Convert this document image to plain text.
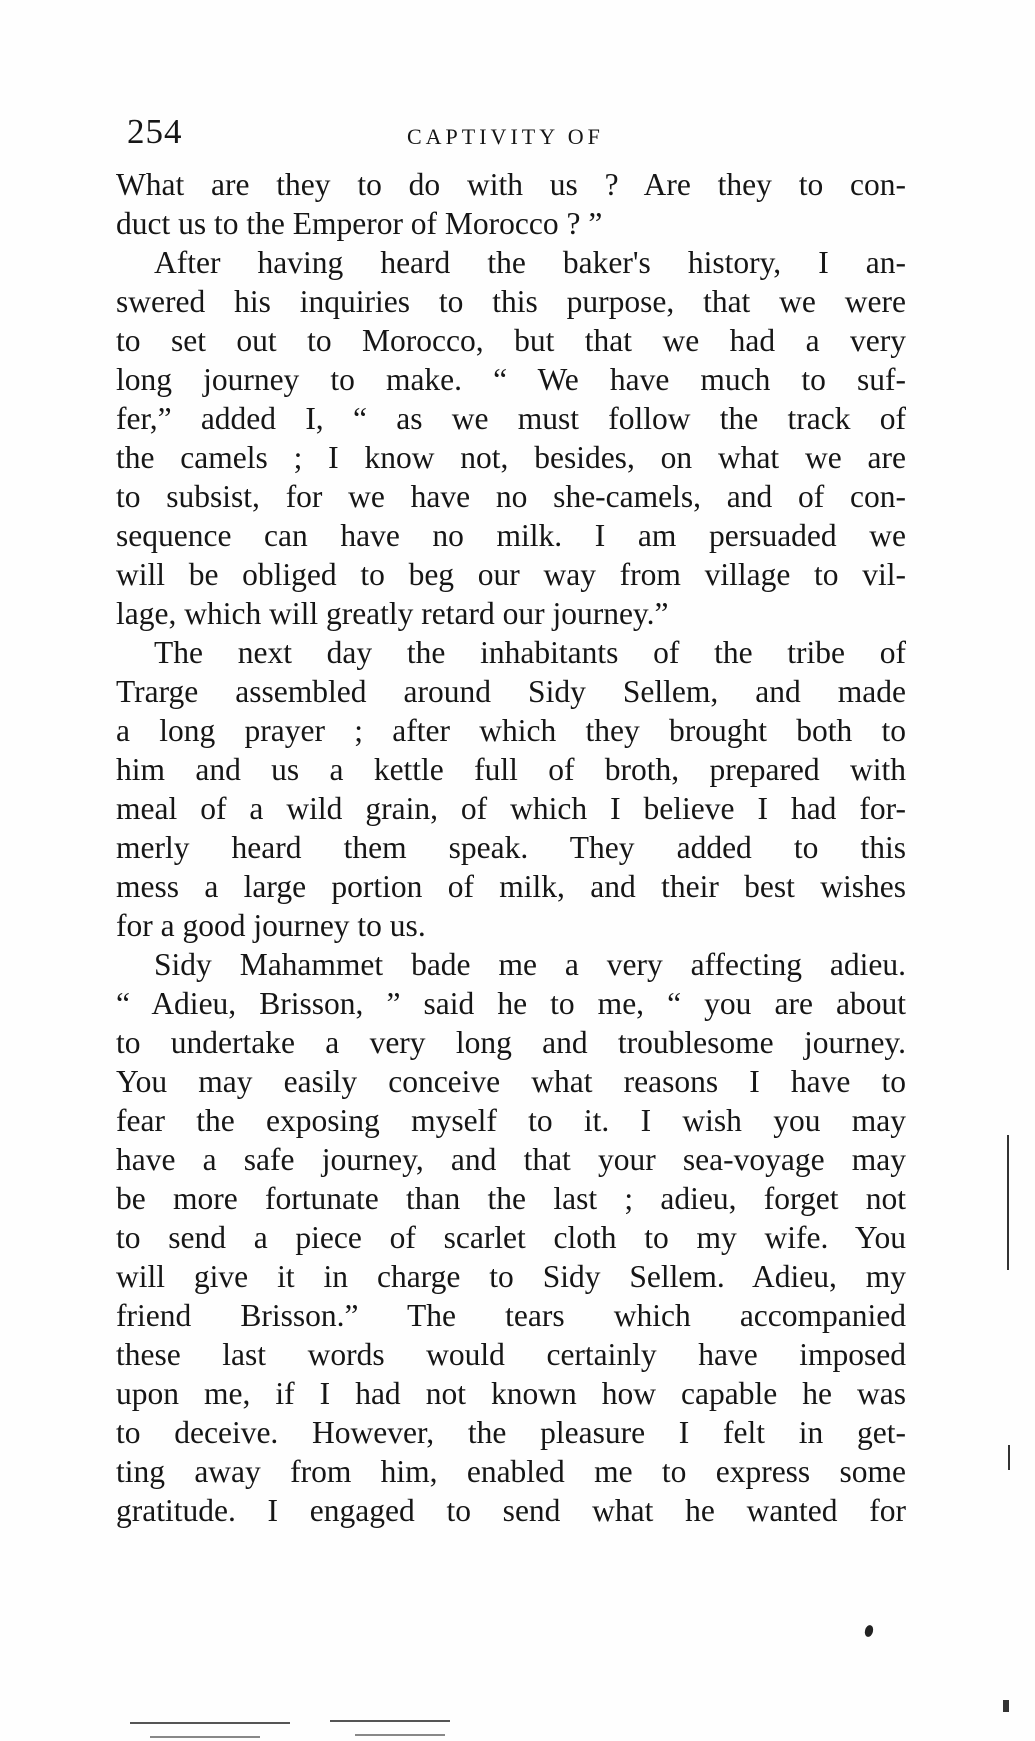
254	CAPTIVITY OF
What are they to do with us ? Are they to con-
duct us to the Emperor of Morocco ? ”
After having heard the baker's history, I an-
swered his inquiries to this purpose, that we were
to set out to Morocco, but that we had a very
long journey to make. “ We have much to suf-
fer,” added I, “ as we must follow the track of
the camels ; I know not, besides, on what we are
to subsist, for we have no she-camels, and of con-
sequence can have no milk. I am persuaded we
will be obliged to beg our way from village to vil-
lage, which will greatly retard our journey.”
The next day the inhabitants of the tribe of
Trarge assembled around Sidy Sellem, and made
a long prayer ; after which they brought both to
him and us a kettle full of broth, prepared with
meal of a wild grain, of which I believe I had for-
merly heard them speak. They added to this
mess a large portion of milk, and their best wishes
for a good journey to us.
Sidy Mahammet bade me a very affecting adieu.
“ Adieu, Brisson, ” said he to me, “ you are about
to undertake a very long and troublesome journey.
You may easily conceive what reasons I have to
fear the exposing myself to it. I wish you may
have a safe journey, and that your sea-voyage may
be more fortunate than the last ; adieu, forget not
to send a piece of scarlet cloth to my wife. You
will give it in charge to Sidy Sellem. Adieu, my
friend Brisson.” The tears which accompanied
these last words would certainly have imposed
upon me, if I had not known how capable he was
to deceive. However, the pleasure I felt in get-
ting away from him, enabled me to express some
gratitude. I engaged to send what he wanted for
